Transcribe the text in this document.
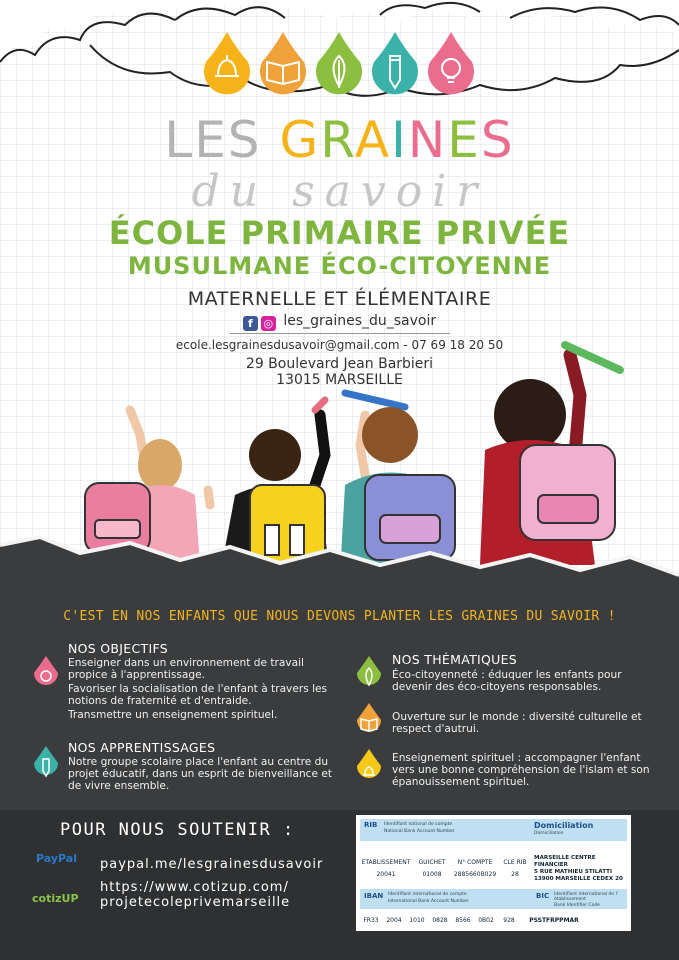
LES GRAINES
du savoir
ÉCOLE PRIMAIRE PRIVÉE
MUSULMANE ÉCO-CITOYENNE
MATERNELLE ET ÉLÉMENTAIRE
f ◎ les_graines_du_savoir
ecole.lesgrainesdusavoir@gmail.com - 07 69 18 20 50
29 Boulevard Jean Barbieri
13015 MARSEILLE
C'EST EN NOS ENFANTS QUE NOUS DEVONS PLANTER LES GRAINES DU SAVOIR !
NOS OBJECTIFS
Enseigner dans un environnement de travail propice à l'apprentissage.
Favoriser la socialisation de l'enfant à travers les notions de fraternité et d'entraide.
Transmettre un enseignement spirituel.
NOS APPRENTISSAGES
Notre groupe scolaire place l'enfant au centre du projet éducatif, dans un esprit de bienveillance et de vivre ensemble.
NOS THÉMATIQUES
Éco-citoyenneté : éduquer les enfants pour devenir des éco-citoyens responsables.
Ouverture sur le monde : diversité culturelle et respect d'autrui.
Enseignement spirituel : accompagner l'enfant vers une bonne compréhension de l'islam et son épanouissement spirituel.
POUR NOUS SOUTENIR :
PayPal
cotizUP
paypal.me/lesgrainesdusavoir
https://www.cotizup.com/
projetecoleprivemarseille
RIB Identifiant national de compte
National Bank Account Number
Domiciliation
Domiciliation
ETABLISSEMENT	GUICHET	N° COMPTE	CLE RIB
20041	01008	2885660B029	28
MARSEILLE CENTRE FINANCIER
5 RUE MATHIEU STILATTI
13900 MARSEILLE CEDEX 20
IBAN Identifiant international de compte
International Bank Account Number
BIC Identifiant international de l' établissement
Bank Identifier Code
FR33	2004	1010	0828	8566	0B02	928	PSSTFRPPMAR
